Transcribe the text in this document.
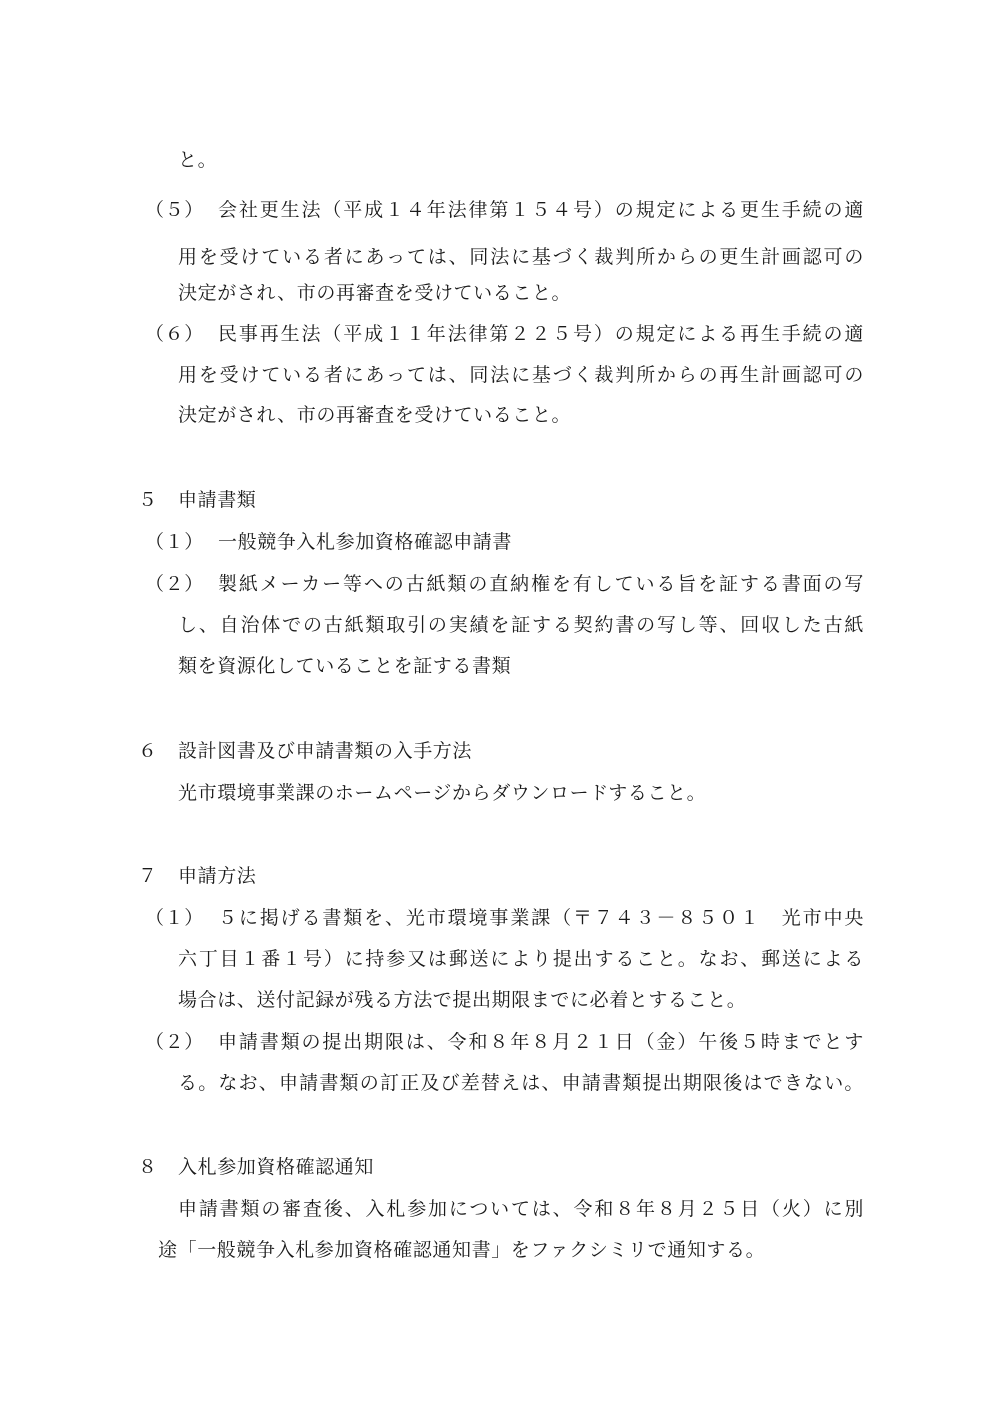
と。
（５） 会社更生法（平成１４年法律第１５４号）の規定による更生手続の適
用を受けている者にあっては、同法に基づく裁判所からの更生計画認可の
決定がされ、市の再審査を受けていること。
（６） 民事再生法（平成１１年法律第２２５号）の規定による再生手続の適
用を受けている者にあっては、同法に基づく裁判所からの再生計画認可の
決定がされ、市の再審査を受けていること。
５ 申請書類
（１） 一般競争入札参加資格確認申請書
（２） 製紙メーカー等への古紙類の直納権を有している旨を証する書面の写
し、自治体での古紙類取引の実績を証する契約書の写し等、回収した古紙
類を資源化していることを証する書類
６ 設計図書及び申請書類の入手方法
光市環境事業課のホームページからダウンロードすること。
７ 申請方法
（１） ５に掲げる書類を、光市環境事業課（〒７４３－８５０１　光市中央
六丁目１番１号）に持参又は郵送により提出すること。なお、郵送による
場合は、送付記録が残る方法で提出期限までに必着とすること。
（２） 申請書類の提出期限は、令和８年８月２１日（金）午後５時までとす
る。なお、申請書類の訂正及び差替えは、申請書類提出期限後はできない。
８ 入札参加資格確認通知
申請書類の審査後、入札参加については、令和８年８月２５日（火）に別
途「一般競争入札参加資格確認通知書」をファクシミリで通知する。
